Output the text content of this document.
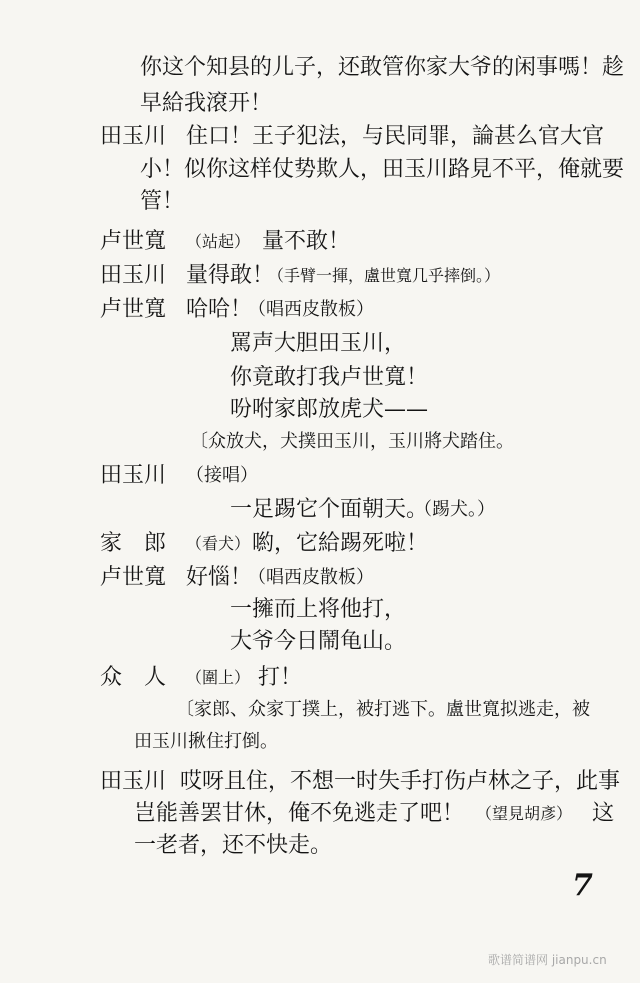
你这个知县的儿子，还敢管你家大爷的闲事嗎！趁
早給我滾开！
田玉川 住口！王子犯法，与民同罪，論甚么官大官
小！似你这样仗势欺人，田玉川路見不平，俺就要
管！
卢世寬 （站起） 量不敢！
田玉川 量得敢！
（手臂一揮，盧世寬几乎摔倒。）
卢世寬 哈哈！
（唱西皮散板）
罵声大胆田玉川，
你竟敢打我卢世寬！
吩咐家郎放虎犬——
〔众放犬，犬撲田玉川，玉川將犬踏住。
田玉川 （接唱）
一足踢它个面朝天。
（踢犬。）
家　郎 （看犬） 喲，它給踢死啦！
卢世寬 好惱！
（唱西皮散板）
一擁而上将他打，
大爷今日鬧龟山。
众　人 （圍上） 打！
〔家郎、众家丁撲上，被打逃下。盧世寬拟逃走，被
田玉川揪住打倒。
田玉川 哎呀且住，不想一时失手打伤卢林之子，此事
岂能善罢甘休，俺不免逃走了吧！ （望見胡彥） 这
一老者，还不快走。
7
歌谱简谱网 jianpu.cn
